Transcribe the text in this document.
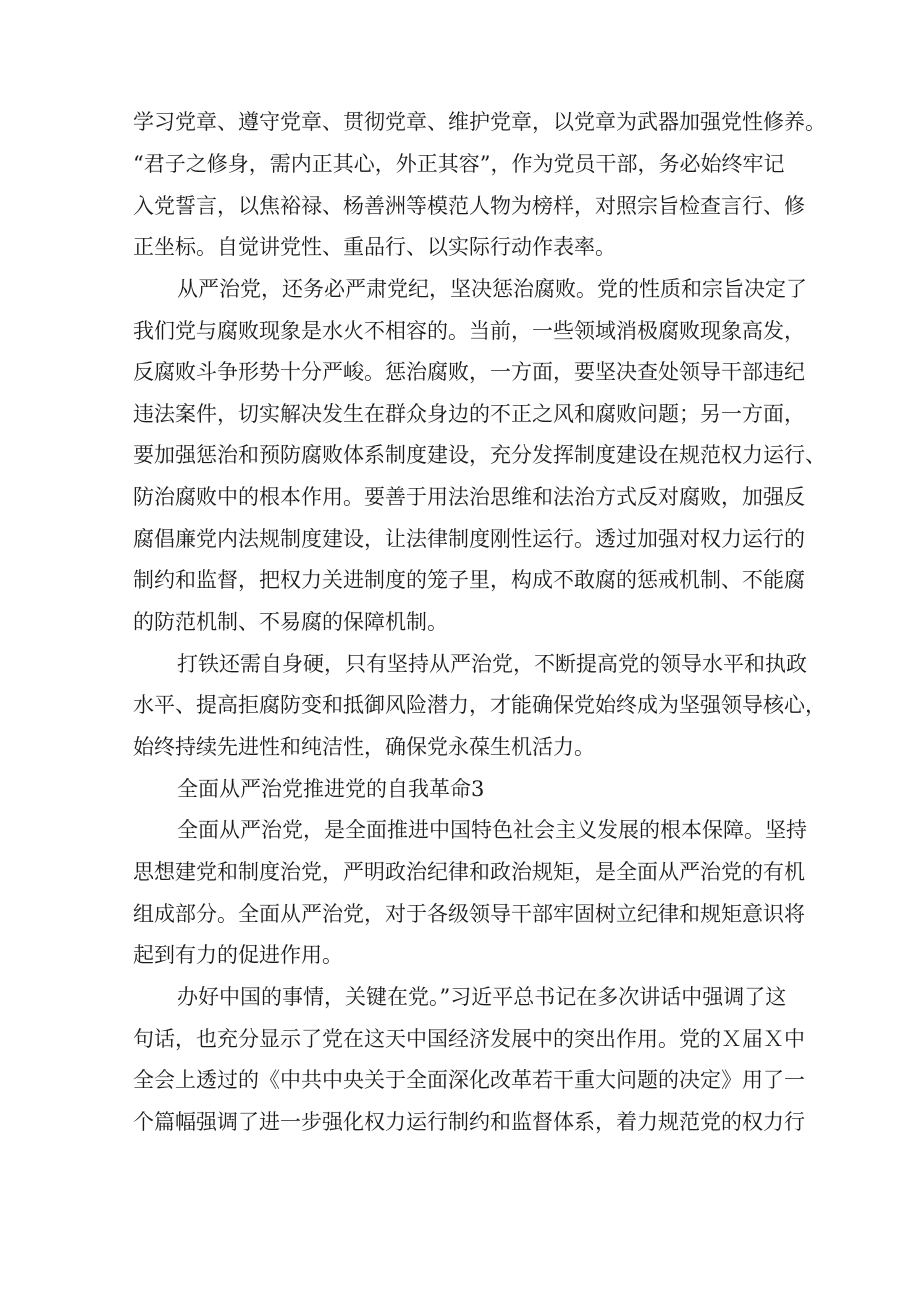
学习党章、遵守党章、贯彻党章、维护党章，以党章为武器加强党性修养。
“君子之修身，需内正其心，外正其容”，作为党员干部，务必始终牢记
入党誓言，以焦裕禄、杨善洲等模范人物为榜样，对照宗旨检查言行、修
正坐标。自觉讲党性、重品行、以实际行动作表率。
从严治党，还务必严肃党纪，坚决惩治腐败。党的性质和宗旨决定了
我们党与腐败现象是水火不相容的。当前，一些领域消极腐败现象高发，
反腐败斗争形势十分严峻。惩治腐败，一方面，要坚决查处领导干部违纪
违法案件，切实解决发生在群众身边的不正之风和腐败问题；另一方面，
要加强惩治和预防腐败体系制度建设，充分发挥制度建设在规范权力运行、
防治腐败中的根本作用。要善于用法治思维和法治方式反对腐败，加强反
腐倡廉党内法规制度建设，让法律制度刚性运行。透过加强对权力运行的
制约和监督，把权力关进制度的笼子里，构成不敢腐的惩戒机制、不能腐
的防范机制、不易腐的保障机制。
打铁还需自身硬，只有坚持从严治党，不断提高党的领导水平和执政
水平、提高拒腐防变和抵御风险潜力，才能确保党始终成为坚强领导核心，
始终持续先进性和纯洁性，确保党永葆生机活力。
全面从严治党推进党的自我革命3
全面从严治党，是全面推进中国特色社会主义发展的根本保障。坚持
思想建党和制度治党，严明政治纪律和政治规矩，是全面从严治党的有机
组成部分。全面从严治党，对于各级领导干部牢固树立纪律和规矩意识将
起到有力的促进作用。
办好中国的事情，关键在党。”习近平总书记在多次讲话中强调了这
句话，也充分显示了党在这天中国经济发展中的突出作用。党的Ｘ届Ｘ中
全会上透过的《中共中央关于全面深化改革若干重大问题的决定》用了一
个篇幅强调了进一步强化权力运行制约和监督体系，着力规范党的权力行
